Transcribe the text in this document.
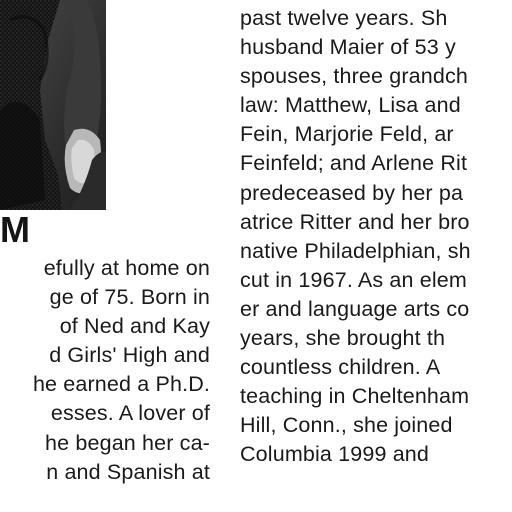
M
efully at home on
ge of 75. Born in
of Ned and Kay
d Girls' High and
he earned a Ph.D.
esses. A lover of
he began her ca-
n and Spanish at
past twelve years. Sh
husband Maier of 53 y
spouses, three grandch
law: Matthew, Lisa and
Fein, Marjorie Feld, ar
Feinfeld; and Arlene Rit
predeceased by her pa
atrice Ritter and her bro
native Philadelphian, sh
cut in 1967. As an elem
er and language arts co
years, she brought th
countless children. A
teaching in Cheltenham
Hill, Conn., she joined
Columbia 1999 and
